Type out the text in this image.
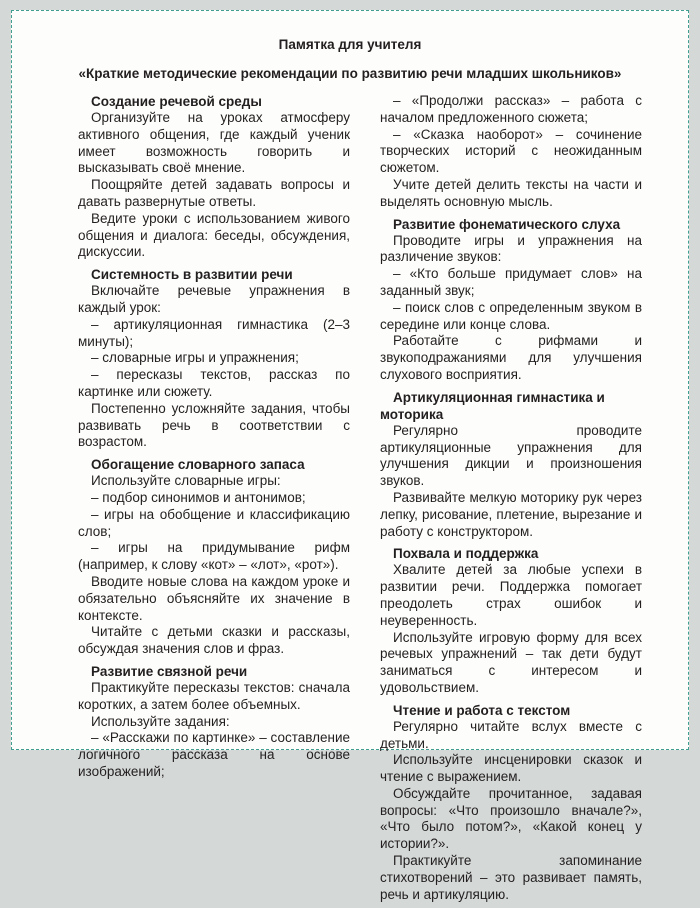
Памятка для учителя
«Краткие методические рекомендации по развитию речи младших школьников»
Создание речевой среды

Организуйте на уроках атмосферу активного общения, где каждый ученик имеет возможность говорить и высказывать своё мнение.

Поощряйте детей задавать вопросы и давать развернутые ответы.

Ведите уроки с использованием живого общения и диалога: беседы, обсуждения, дискуссии.

Системность в развитии речи

Включайте речевые упражнения в каждый урок:

– артикуляционная гимнастика (2–3 минуты);

– словарные игры и упражнения;

– пересказы текстов, рассказ по картинке или сюжету.

Постепенно усложняйте задания, чтобы развивать речь в соответствии с возрастом.

Обогащение словарного запаса

Используйте словарные игры:

– подбор синонимов и антонимов;

– игры на обобщение и классификацию слов;

– игры на придумывание рифм (например, к слову «кот» – «лот», «рот»).

Вводите новые слова на каждом уроке и обязательно объясняйте их значение в контексте.

Читайте с детьми сказки и рассказы, обсуждая значения слов и фраз.

Развитие связной речи

Практикуйте пересказы текстов: сначала коротких, а затем более объемных.

Используйте задания:

– «Расскажи по картинке» – составление логичного рассказа на основе изображений;

– «Продолжи рассказ» – работа с началом предложенного сюжета;

– «Сказка наоборот» – сочинение творческих историй с неожиданным сюжетом.

Учите детей делить тексты на части и выделять основную мысль.

Развитие фонематического слуха

Проводите игры и упражнения на различение звуков:

– «Кто больше придумает слов» на заданный звук;

– поиск слов с определенным звуком в середине или конце слова.

Работайте с рифмами и звукоподражаниями для улучшения слухового восприятия.

Артикуляционная гимнастика и моторика

Регулярно проводите артикуляционные упражнения для улучшения дикции и произношения звуков.

Развивайте мелкую моторику рук через лепку, рисование, плетение, вырезание и работу с конструктором.

Похвала и поддержка

Хвалите детей за любые успехи в развитии речи. Поддержка помогает преодолеть страх ошибок и неуверенность.

Используйте игровую форму для всех речевых упражнений – так дети будут заниматься с интересом и удовольствием.

Чтение и работа с текстом

Регулярно читайте вслух вместе с детьми.

Используйте инсценировки сказок и чтение с выражением.

Обсуждайте прочитанное, задавая вопросы: «Что произошло вначале?», «Что было потом?», «Какой конец у истории?».

Практикуйте запоминание стихотворений – это развивает память, речь и артикуляцию.
